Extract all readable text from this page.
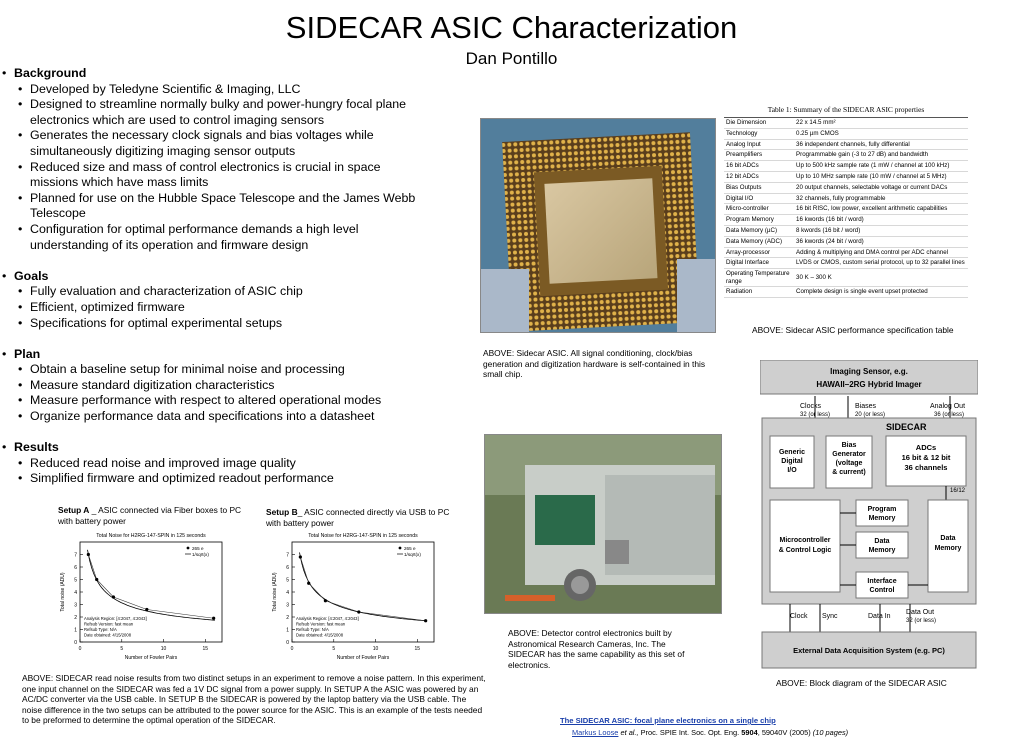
SIDECAR ASIC Characterization
Dan Pontillo
• Background
• Developed by Teledyne Scientific & Imaging, LLC
• Designed to streamline normally bulky and power-hungry focal plane electronics which are used to control imaging sensors
• Generates the necessary clock signals and bias voltages while simultaneously digitizing imaging sensor outputs
• Reduced size and mass of control electronics is crucial in space missions which have mass limits
• Planned for use on the Hubble Space Telescope and the James Webb Telescope
• Configuration for optimal performance demands a high level understanding of its operation and firmware design
• Goals
• Fully evaluation and characterization of ASIC chip
• Efficient, optimized firmware
• Specifications for optimal experimental setups
• Plan
• Obtain a baseline setup for minimal noise and processing
• Measure standard digitization characteristics
• Measure performance with respect to altered operational modes
• Organize performance data and specifications into a datasheet
• Results
• Reduced read noise and improved image quality
• Simplified firmware and optimized readout performance
Setup A _ ASIC connected via Fiber boxes to PC with battery power
Setup B_ ASIC connected directly via USB to PC with battery power
Total Noise for H2RG-147-SPIN in 125 seconds
0
1
2
3
4
5
6
7
0	5	10	15
Number of Fowler Pairs
Total noise (ADU)
265 e
1/sqrt(x)
Analysis Region: [4:2047, 4:2043]
Refsub Version: fast mean
Refsub Type: N/A
Date obtained: 4/15/2008
Total Noise for H2RG-147-SPIN in 125 seconds
0
1
2
3
4
5
6
7
0	5	10	15
Number of Fowler Pairs
Total noise (ADU)
265 e
1/sqrt(x)
Analysis Region: [4:2047, 4:2043]
Refsub Version: fast mean
Refsub Type: N/A
Date obtained: 4/15/2008
ABOVE: SIDECAR read noise results from two distinct setups in an experiment to remove a noise pattern. In this experiment, one input channel on the SIDECAR was fed a 1V DC signal from a power supply. In SETUP A the ASIC was powered by an AC/DC converter via the USB cable. In SETUP B the SIDECAR is powered by the laptop battery via the USB cable. The noise difference in the two setups can be attributed to the power source for the ASIC. This is an example of the tests needed to be preformed to determine the optimal operation of the SIDECAR.
ABOVE: Sidecar ASIC. All signal conditioning, clock/bias generation and digitization hardware is self-contained in this small chip.
Table 1: Summary of the SIDECAR ASIC properties
Die Dimension	22 x 14.5 mm²
Technology	0.25 µm CMOS
Analog Input	36 independent channels, fully differential
Preamplifiers	Programmable gain (-3 to 27 dB) and bandwidth
16 bit ADCs	Up to 500 kHz sample rate (1 mW / channel at 100 kHz)
12 bit ADCs	Up to 10 MHz sample rate (10 mW / channel at 5 MHz)
Bias Outputs	20 output channels, selectable voltage or current DACs
Digital I/O	32 channels, fully programmable
Micro-controller	16 bit RISC, low power, excellent arithmetic capabilities
Program Memory	16 kwords (16 bit / word)
Data Memory (µC)	8 kwords (16 bit / word)
Data Memory (ADC)	36 kwords (24 bit / word)
Array-processor	Adding & multiplying and DMA control per ADC channel
Digital Interface	LVDS or CMOS, custom serial protocol, up to 32 parallel lines
Operating Temperature range	30 K – 300 K
Radiation	Complete design is single event upset protected
ABOVE: Sidecar ASIC performance specification table
ABOVE: Detector control electronics built by Astronomical Research Cameras, Inc. The SIDECAR has the same capability as this set of electronics.
Imaging Sensor, e.g.
HAWAII–2RG Hybrid Imager
Clocks
32 (or less)
Biases
20 (or less)
Analog Out
36 (or less)
SIDECAR
Generic
Digital
I/O
Bias
Generator
(voltage
& current)
ADCs
16 bit & 12 bit
36 channels
16/12
Microcontroller
& Control Logic
Program
Memory
Data
Memory
Interface
Control
Data
Memory
Clock Sync	Data In
Data Out
32 (or less)
External Data Acquisition System (e.g. PC)
ABOVE: Block diagram of the SIDECAR ASIC
The SIDECAR ASIC: focal plane electronics on a single chip
Markus Loose et al., Proc. SPIE Int. Soc. Opt. Eng. 5904, 59040V (2005) (10 pages)
